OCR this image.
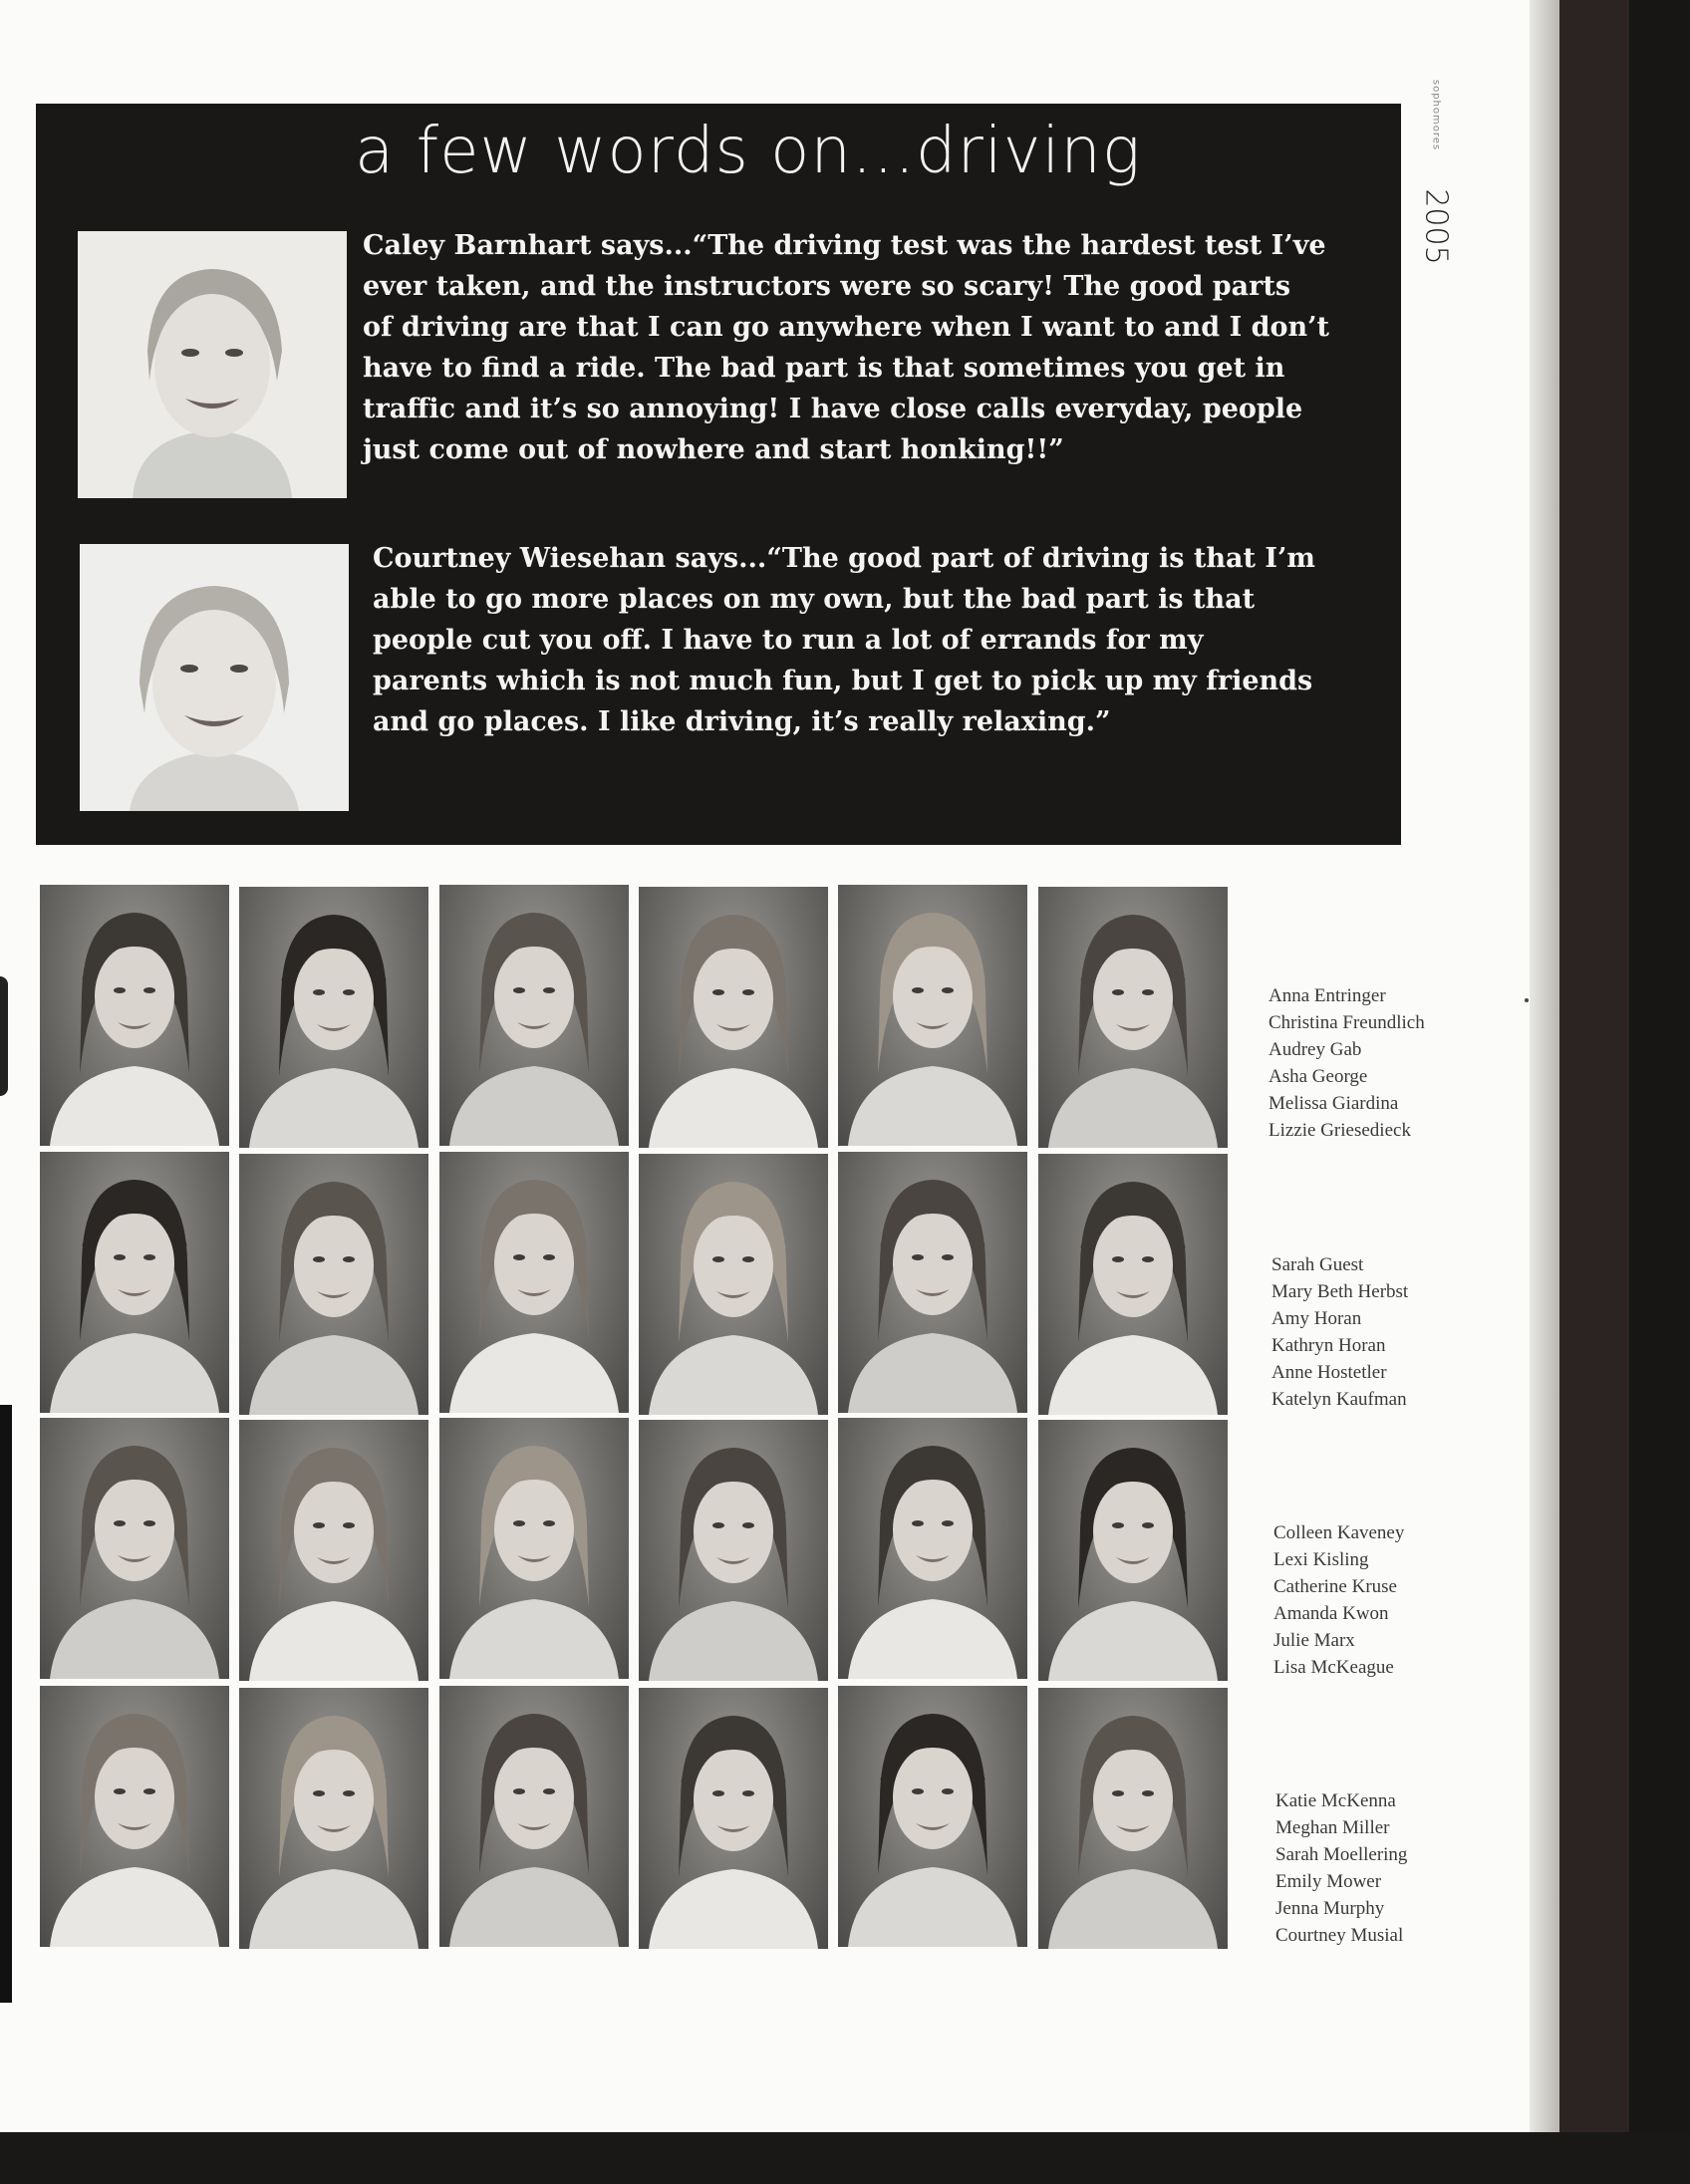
a few words on...driving

Caley Barnhart says...“The driving test was the hardest test I’ve
ever taken, and the instructors were so scary! The good parts
of driving are that I can go anywhere when I want to and I don’t
have to find a ride. The bad part is that sometimes you get in
traffic and it’s so annoying! I have close calls everyday, people
just come out of nowhere and start honking!!”

Courtney Wiesehan says...“The good part of driving is that I’m
able to go more places on my own, but the bad part is that
people cut you off. I have to run a lot of errands for my
parents which is not much fun, but I get to pick up my friends
and go places. I like driving, it’s really relaxing.”

sophomores
2005
Anna Entringer
Christina Freundlich
Audrey Gab
Asha George
Melissa Giardina
Lizzie Griesedieck
Sarah Guest
Mary Beth Herbst
Amy Horan
Kathryn Horan
Anne Hostetler
Katelyn Kaufman
Colleen Kaveney
Lexi Kisling
Catherine Kruse
Amanda Kwon
Julie Marx
Lisa McKeague
Katie McKenna
Meghan Miller
Sarah Moellering
Emily Mower
Jenna Murphy
Courtney Musial
